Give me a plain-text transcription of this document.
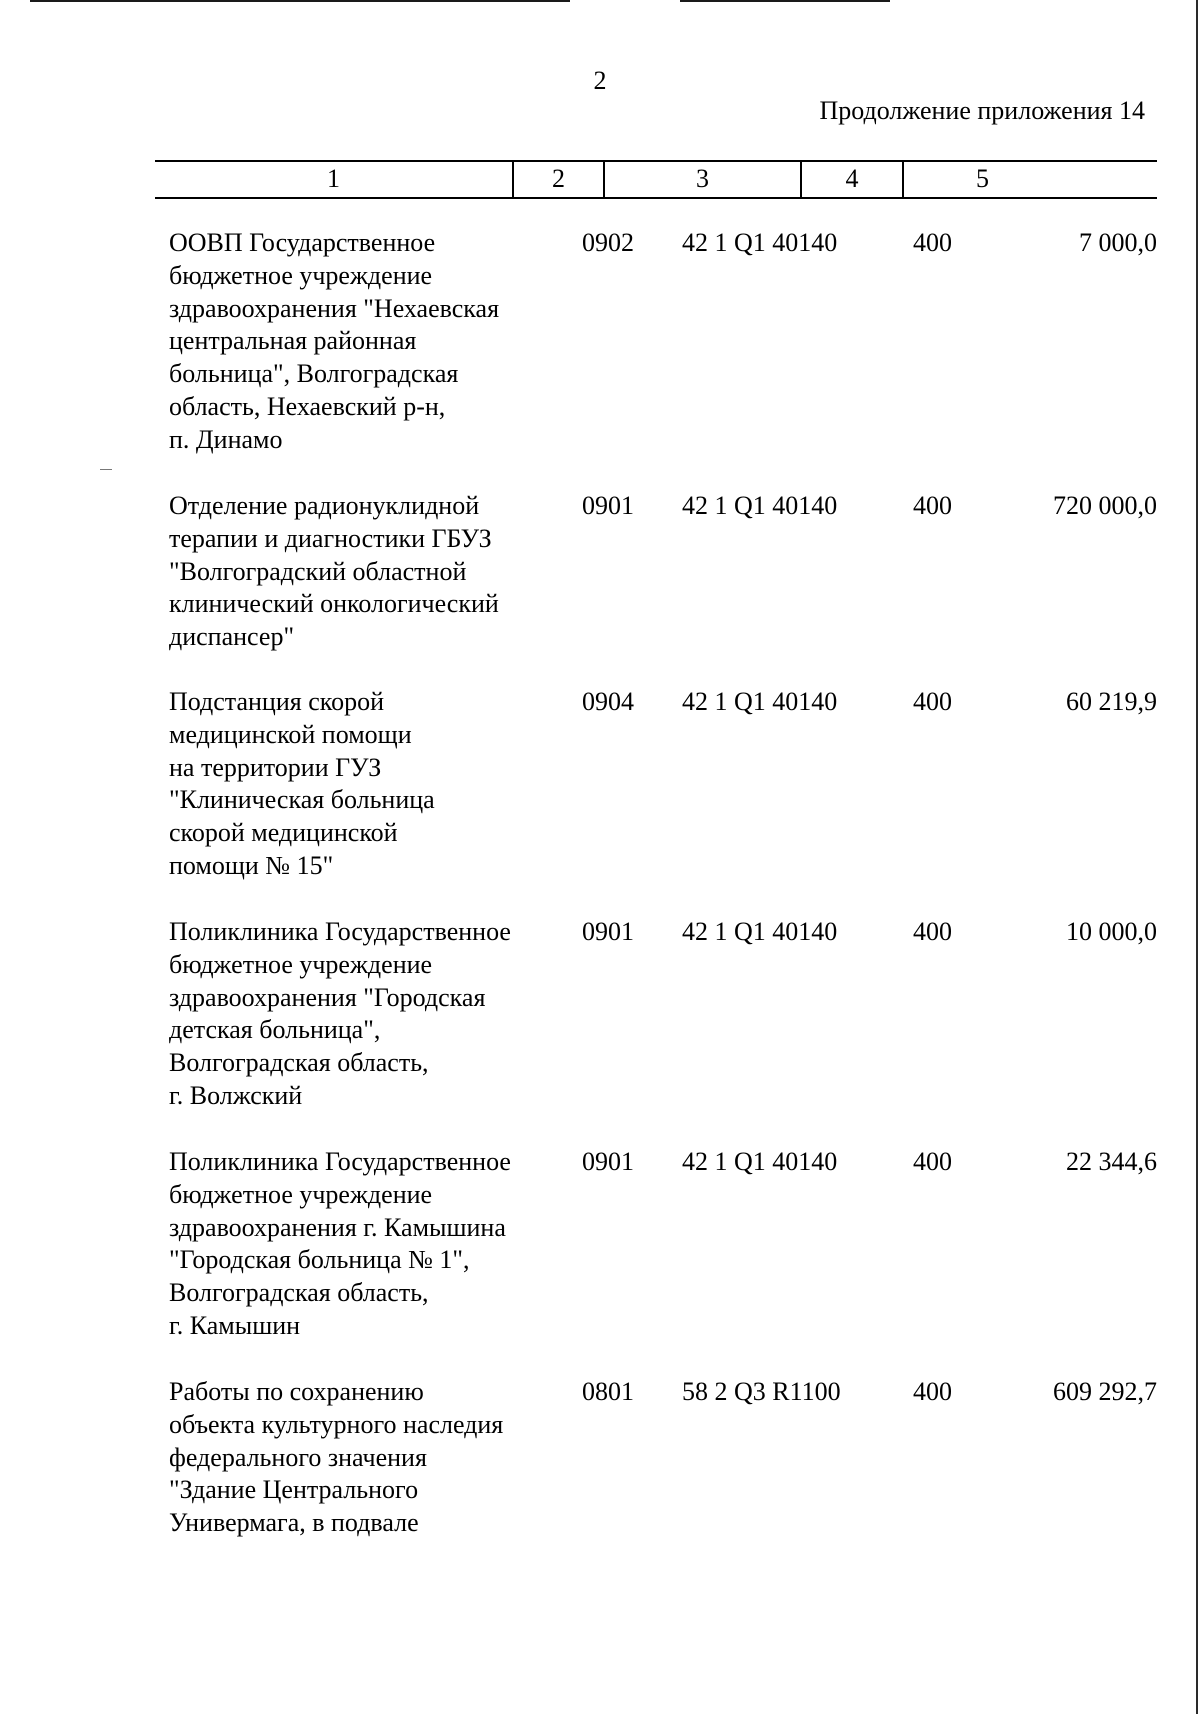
2
Продолжение приложения 14
1	2	3	4	5
ООВП Государственное
бюджетное учреждение
здравоохранения "Нехаевская
центральная районная
больница", Волгоградская
область, Нехаевский р-н,
п. Динамо
0902	42 1 Q1 40140	400	7 000,0
Отделение радионуклидной
терапии и диагностики ГБУЗ
"Волгоградский областной
клинический онкологический
диспансер"
0901	42 1 Q1 40140	400	720 000,0
Подстанция скорой
медицинской помощи
на территории ГУЗ
"Клиническая больница
скорой медицинской
помощи № 15"
0904	42 1 Q1 40140	400	60 219,9
Поликлиника Государственное
бюджетное учреждение
здравоохранения "Городская
детская больница",
Волгоградская область,
г. Волжский
0901	42 1 Q1 40140	400	10 000,0
Поликлиника Государственное
бюджетное учреждение
здравоохранения г. Камышина
"Городская больница № 1",
Волгоградская область,
г. Камышин
0901	42 1 Q1 40140	400	22 344,6
Работы по сохранению
объекта культурного наследия
федерального значения
"Здание Центрального
Универмага, в подвале
0801	58 2 Q3 R1100	400	609 292,7
